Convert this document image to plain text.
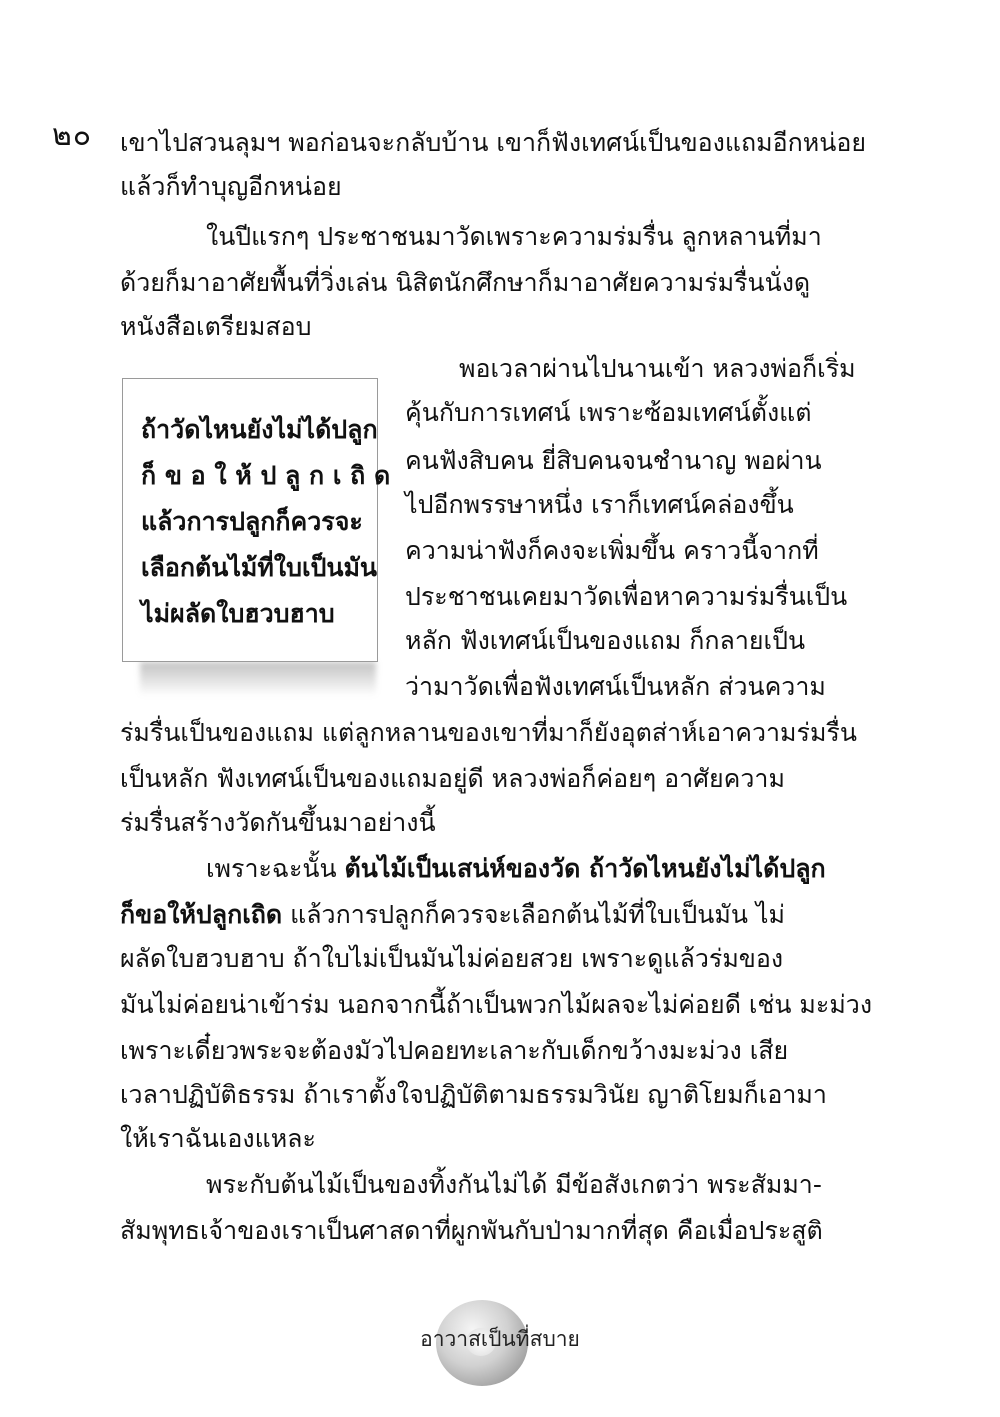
๒๐ เขาไปสวนลุมฯ พอก่อนจะกลับบ้าน เขาก็ฟังเทศน์เป็นของแถมอีกหน่อย
แล้วก็ทำบุญอีกหน่อย
ในปีแรกๆ ประชาชนมาวัดเพราะความร่มรื่น ลูกหลานที่มา
ด้วยก็มาอาศัยพื้นที่วิ่งเล่น นิสิตนักศึกษาก็มาอาศัยความร่มรื่นนั่งดู
หนังสือเตรียมสอบ
พอเวลาผ่านไปนานเข้า หลวงพ่อก็เริ่ม
คุ้นกับการเทศน์ เพราะซ้อมเทศน์ตั้งแต่
คนฟังสิบคน ยี่สิบคนจนชำนาญ พอผ่าน
ไปอีกพรรษาหนึ่ง เราก็เทศน์คล่องขึ้น
ความน่าฟังก็คงจะเพิ่มขึ้น คราวนี้จากที่
ประชาชนเคยมาวัดเพื่อหาความร่มรื่นเป็น
หลัก ฟังเทศน์เป็นของแถม ก็กลายเป็น
ว่ามาวัดเพื่อฟังเทศน์เป็นหลัก ส่วนความ
ถ้าวัดไหนยังไม่ได้ปลูก
ก็ ข อ ใ ห้ ป ลู ก เ ถิ ด
แล้วการปลูกก็ควรจะ
เลือกต้นไม้ที่ใบเป็นมัน
ไม่ผลัดใบฮวบฮาบ
ร่มรื่นเป็นของแถม แต่ลูกหลานของเขาที่มาก็ยังอุตส่าห์เอาความร่มรื่น
เป็นหลัก ฟังเทศน์เป็นของแถมอยู่ดี หลวงพ่อก็ค่อยๆ อาศัยความ
ร่มรื่นสร้างวัดกันขึ้นมาอย่างนี้
เพราะฉะนั้น ต้นไม้เป็นเสน่ห์ของวัด ถ้าวัดไหนยังไม่ได้ปลูก
ก็ขอให้ปลูกเถิด แล้วการปลูกก็ควรจะเลือกต้นไม้ที่ใบเป็นมัน ไม่
ผลัดใบฮวบฮาบ ถ้าใบไม่เป็นมันไม่ค่อยสวย เพราะดูแล้วร่มของ
มันไม่ค่อยน่าเข้าร่ม นอกจากนี้ถ้าเป็นพวกไม้ผลจะไม่ค่อยดี เช่น มะม่วง
เพราะเดี๋ยวพระจะต้องมัวไปคอยทะเลาะกับเด็กขว้างมะม่วง เสีย
เวลาปฏิบัติธรรม ถ้าเราตั้งใจปฏิบัติตามธรรมวินัย ญาติโยมก็เอามา
ให้เราฉันเองแหละ
พระกับต้นไม้เป็นของทิ้งกันไม่ได้ มีข้อสังเกตว่า พระสัมมา-
สัมพุทธเจ้าของเราเป็นศาสดาที่ผูกพันกับป่ามากที่สุด คือเมื่อประสูติ
อาวาสเป็นที่สบาย
